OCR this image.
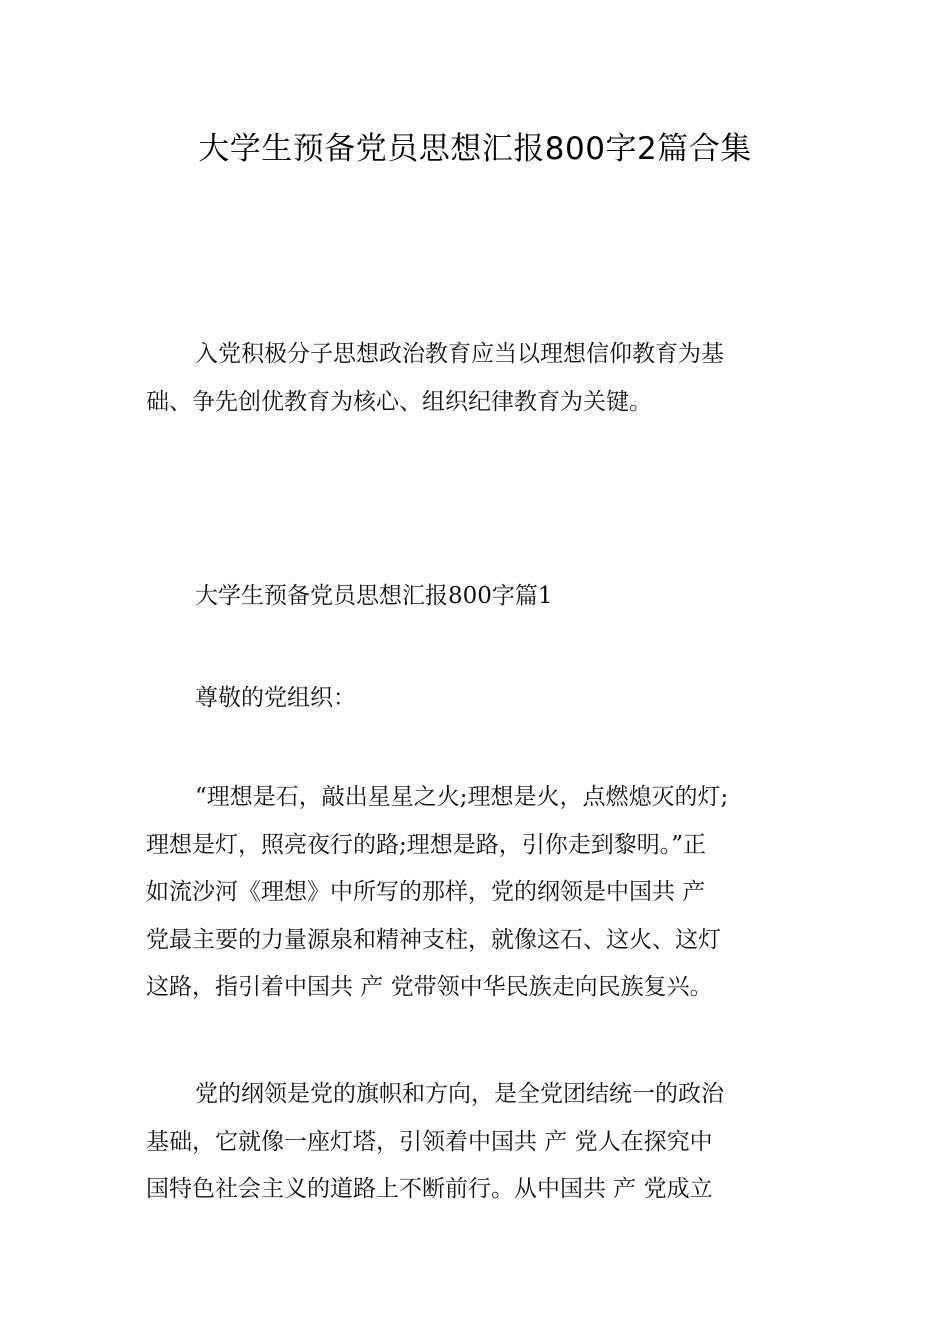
大学生预备党员思想汇报800字2篇合集
入党积极分子思想政治教育应当以理想信仰教育为基
础、争先创优教育为核心、组织纪律教育为关键。
大学生预备党员思想汇报800字篇1
尊敬的党组织：
“理想是石，敲出星星之火;理想是火，点燃熄灭的灯;
理想是灯，照亮夜行的路;理想是路，引你走到黎明。”正
如流沙河《理想》中所写的那样，党的纲领是中国共 产
党最主要的力量源泉和精神支柱，就像这石、这火、这灯
这路，指引着中国共 产 党带领中华民族走向民族复兴。
党的纲领是党的旗帜和方向，是全党团结统一的政治
基础，它就像一座灯塔，引领着中国共 产 党人在探究中
国特色社会主义的道路上不断前行。从中国共 产 党成立
